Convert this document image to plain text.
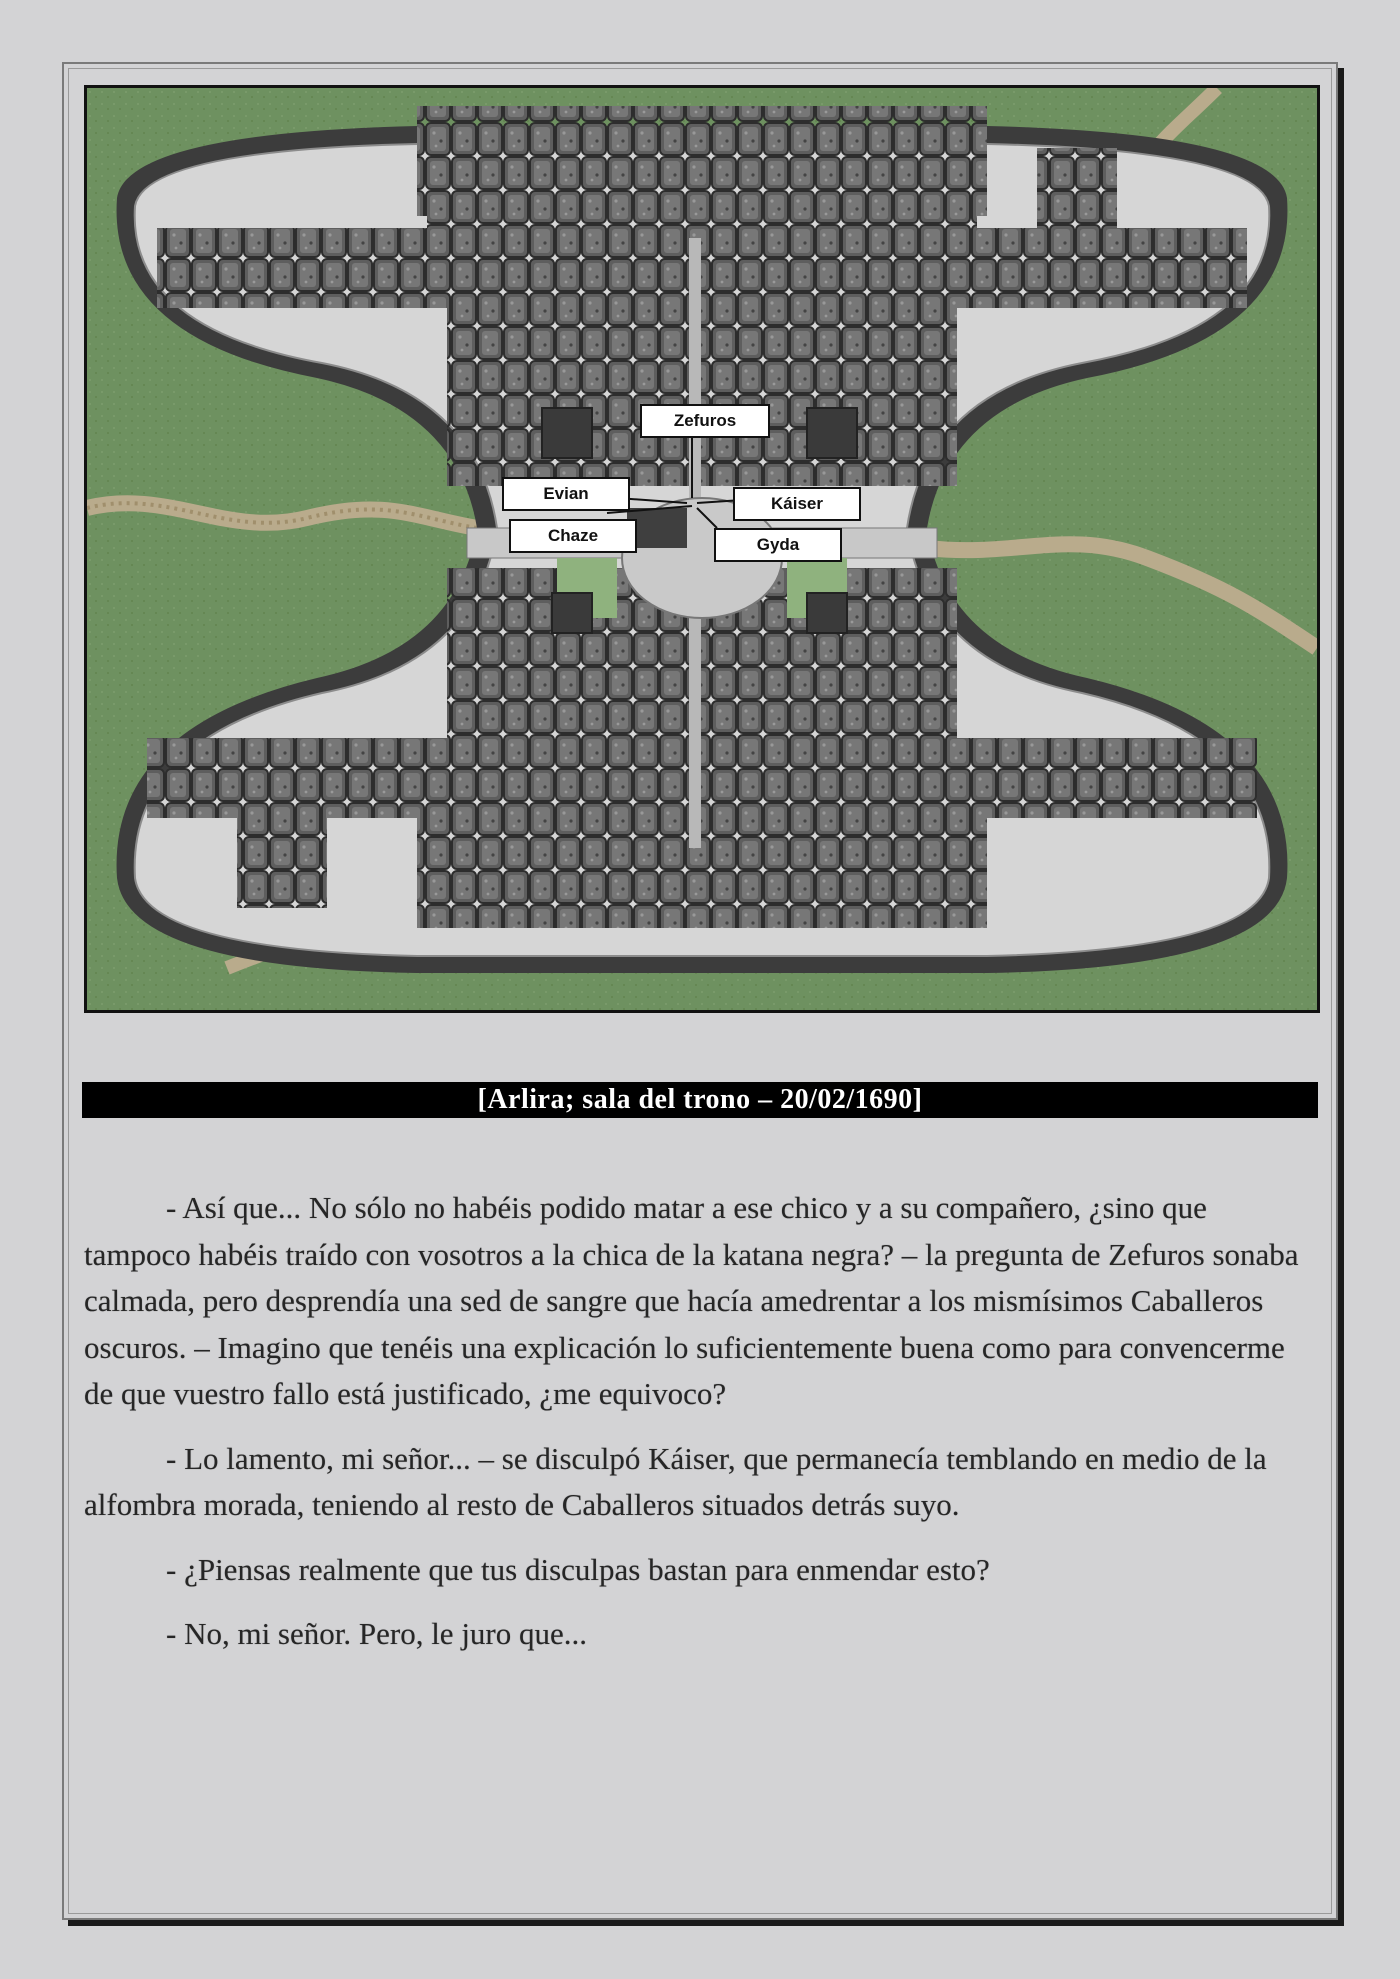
Zefuros
Evian
Káiser
Chaze	Gyda
[Arlira; sala del trono – 20/02/1690]

- Así que... No sólo no habéis podido matar a ese chico y a su compañero, ¿sino que tampoco habéis traído con vosotros a la chica de la katana negra? – la pregunta de Zefuros sonaba calmada, pero desprendía una sed de sangre que hacía amedrentar a los mismísimos Caballeros oscuros. – Imagino que tenéis una explicación lo suficientemente buena como para convencerme de que vuestro fallo está justificado, ¿me equivoco?

- Lo lamento, mi señor... – se disculpó Káiser, que permanecía temblando en medio de la alfombra morada, teniendo al resto de Caballeros situados detrás suyo.

- ¿Piensas realmente que tus disculpas bastan para enmendar esto?

- No, mi señor. Pero, le juro que...
